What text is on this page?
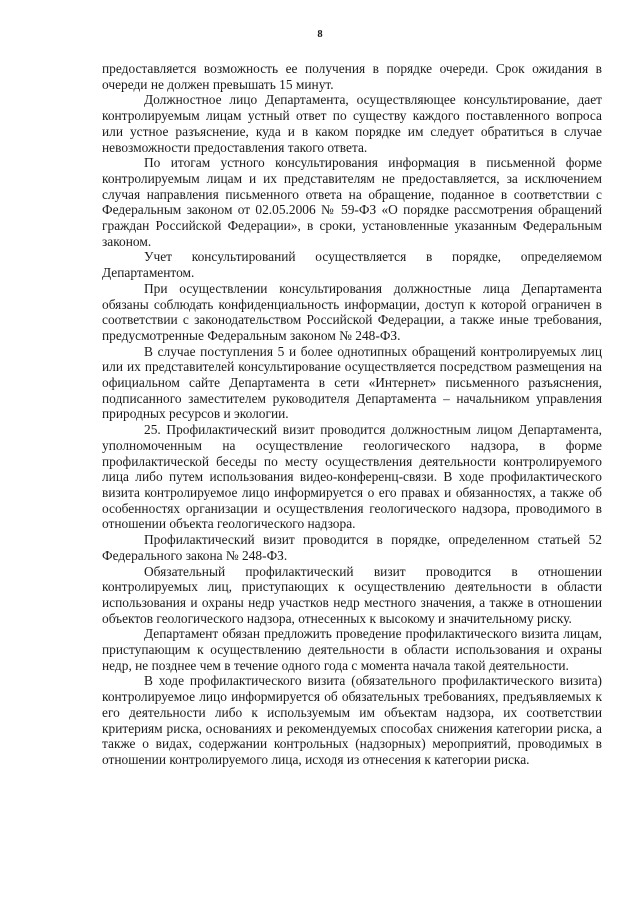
8

предоставляется возможность ее получения в порядке очереди. Срок ожидания в очереди не должен превышать 15 минут.

Должностное лицо Департамента, осуществляющее консультирование, дает контролируемым лицам устный ответ по существу каждого поставленного вопроса или устное разъяснение, куда и в каком порядке им следует обратиться в случае невозможности предоставления такого ответа.

По итогам устного консультирования информация в письменной форме контролируемым лицам и их представителям не предоставляется, за исключением случая направления письменного ответа на обращение, поданное в соответствии с Федеральным законом от 02.05.2006 № 59-ФЗ «О порядке рассмотрения обращений граждан Российской Федерации», в сроки, установленные указанным Федеральным законом.

Учет консультирований осуществляется в порядке, определяемом Департаментом.

При осуществлении консультирования должностные лица Департамента обязаны соблюдать конфиденциальность информации, доступ к которой ограничен в соответствии с законодательством Российской Федерации, а также иные требования, предусмотренные Федеральным законом № 248-ФЗ.

В случае поступления 5 и более однотипных обращений контролируемых лиц или их представителей консультирование осуществляется посредством размещения на официальном сайте Департамента в сети «Интернет» письменного разъяснения, подписанного заместителем руководителя Департамента – начальником управления природных ресурсов и экологии.

25. Профилактический визит проводится должностным лицом Департамента, уполномоченным на осуществление геологического надзора, в форме профилактической беседы по месту осуществления деятельности контролируемого лица либо путем использования видео-конференц-связи. В ходе профилактического визита контролируемое лицо информируется о его правах и обязанностях, а также об особенностях организации и осуществления геологического надзора, проводимого в отношении объекта геологического надзора.

Профилактический визит проводится в порядке, определенном статьей 52 Федерального закона № 248-ФЗ.

Обязательный профилактический визит проводится в отношении контролируемых лиц, приступающих к осуществлению деятельности в области использования и охраны недр участков недр местного значения, а также в отношении объектов геологического надзора, отнесенных к высокому и значительному риску.

Департамент обязан предложить проведение профилактического визита лицам, приступающим к осуществлению деятельности в области использования и охраны недр, не позднее чем в течение одного года с момента начала такой деятельности.

В ходе профилактического визита (обязательного профилактического визита) контролируемое лицо информируется об обязательных требованиях, предъявляемых к его деятельности либо к используемым им объектам надзора, их соответствии критериям риска, основаниях и рекомендуемых способах снижения категории риска, а также о видах, содержании контрольных (надзорных) мероприятий, проводимых в отношении контролируемого лица, исходя из отнесения к категории риска.
